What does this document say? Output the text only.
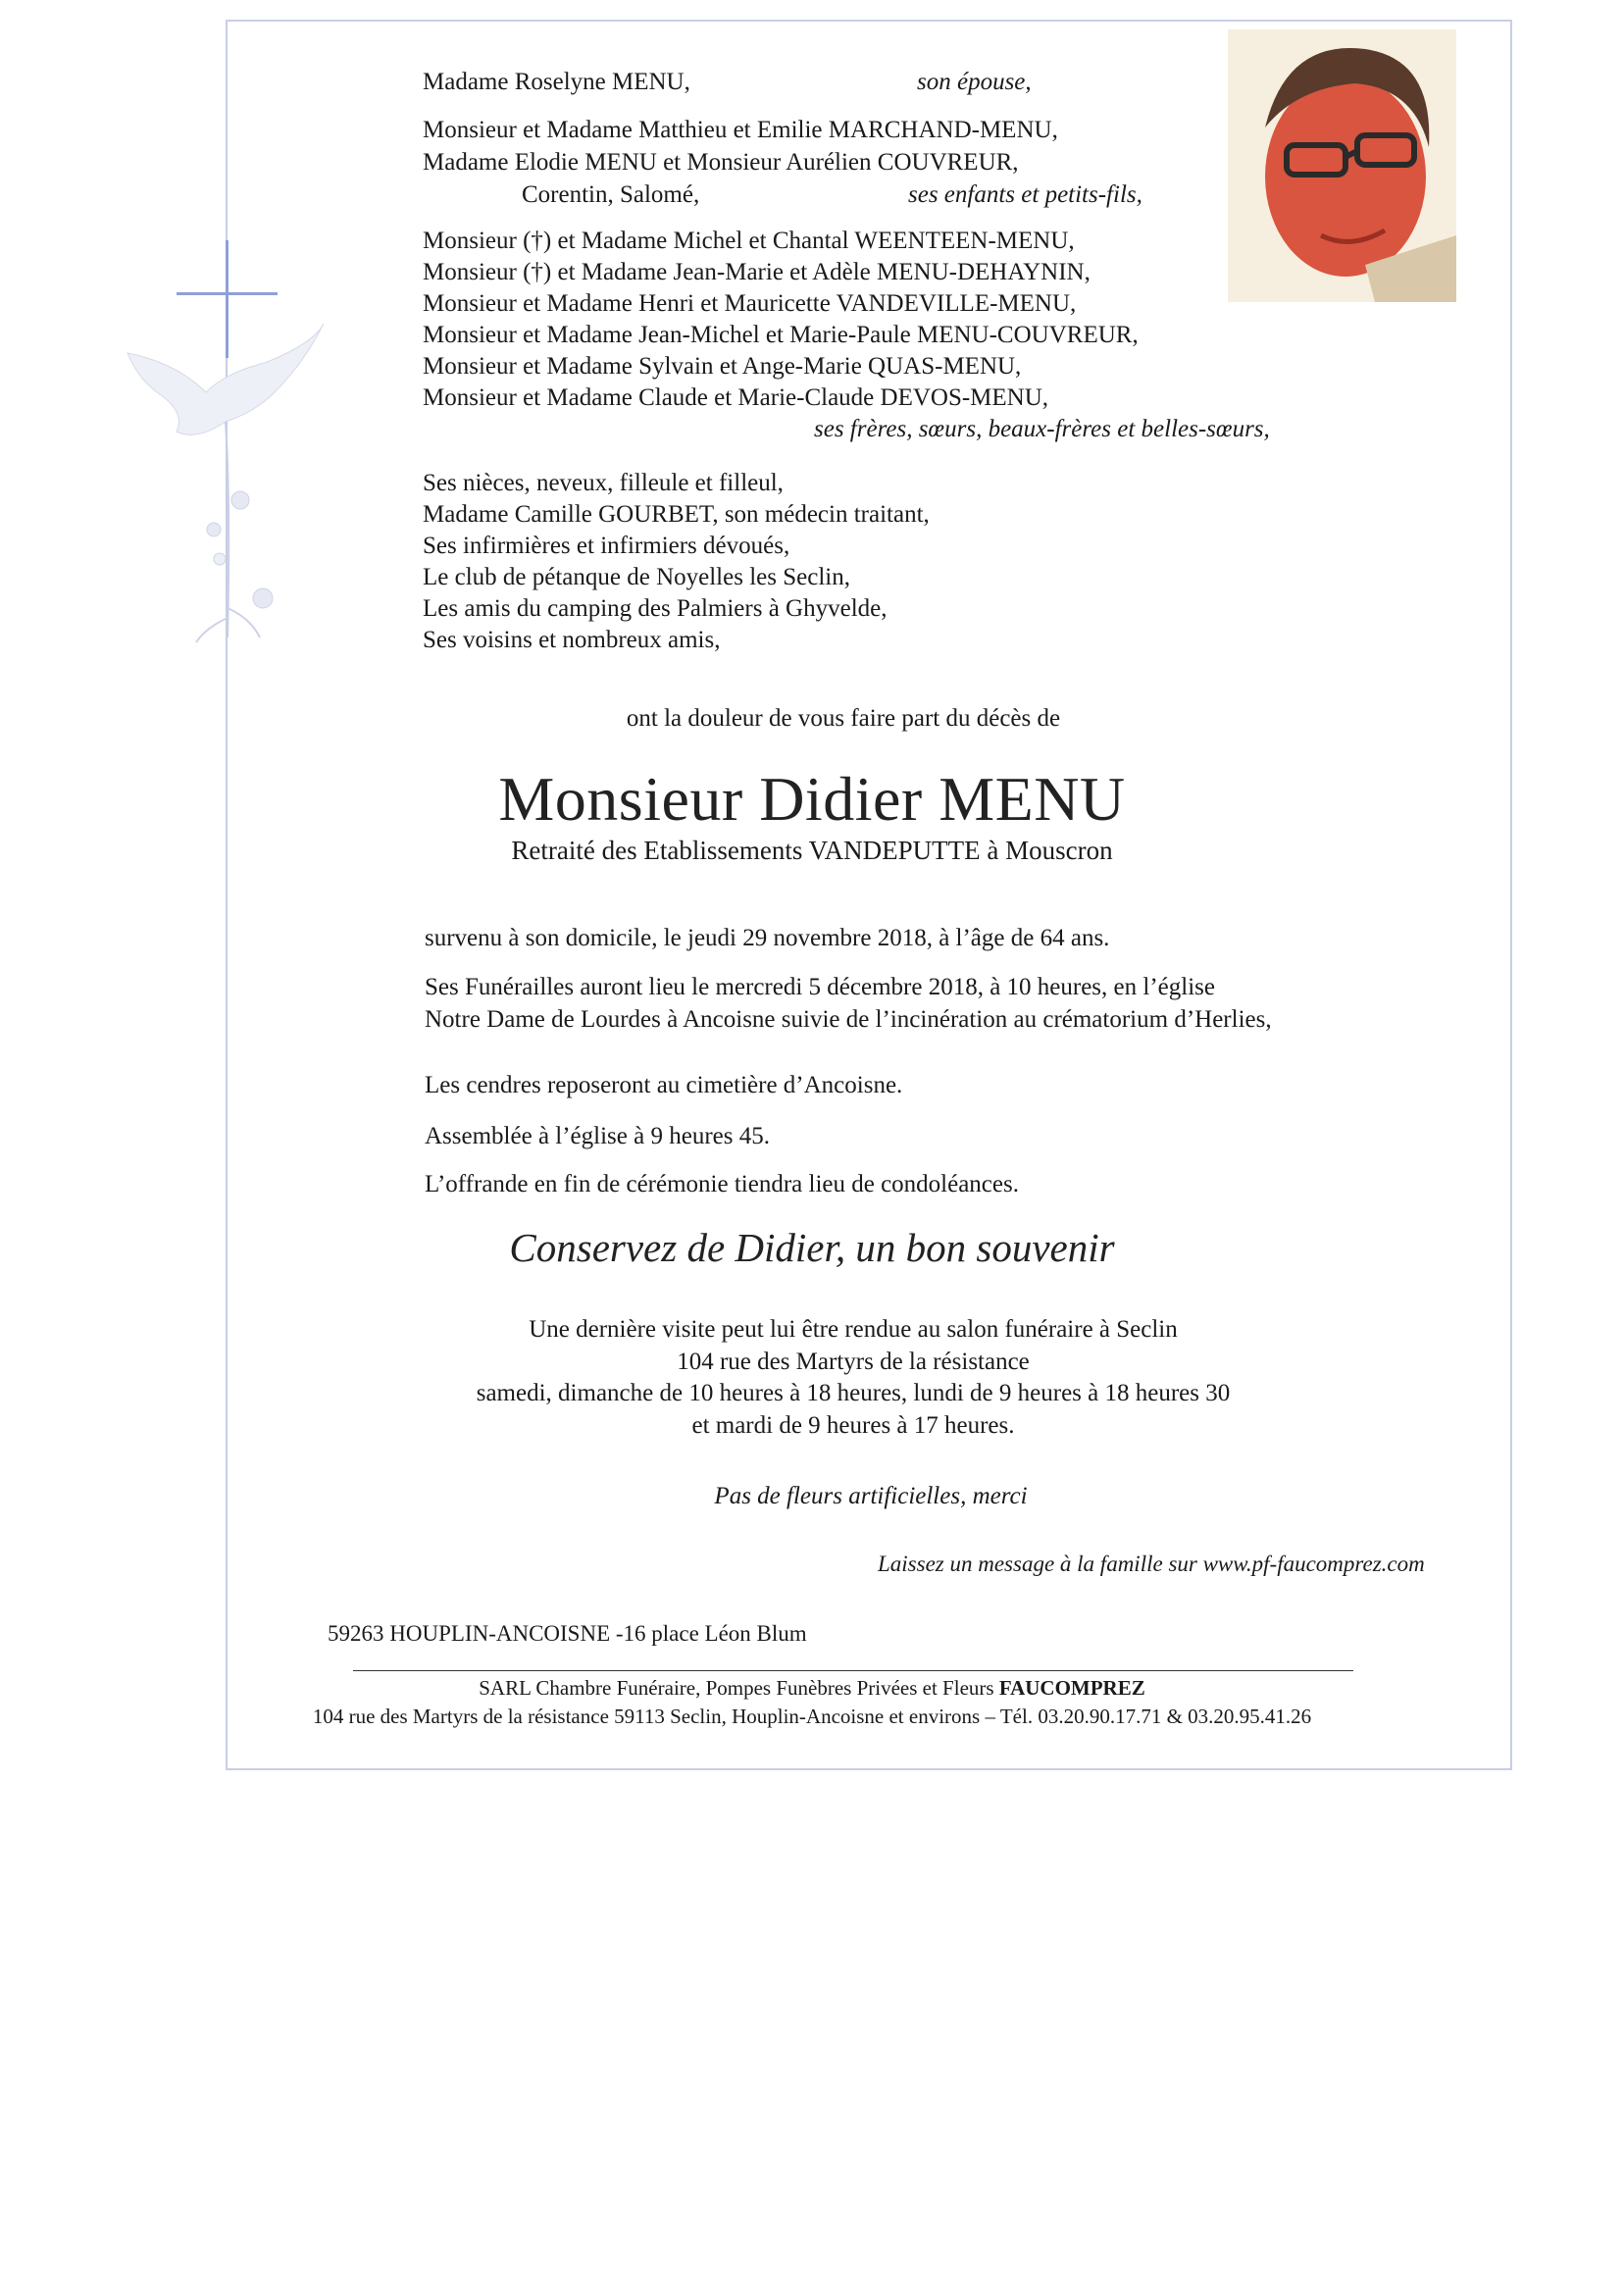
Madame Roselyne MENU,	son épouse,
Monsieur et Madame Matthieu et Emilie MARCHAND-MENU,
Madame Elodie MENU et Monsieur Aurélien COUVREUR,
Corentin, Salomé,	ses enfants et petits-fils,
Monsieur (†) et Madame Michel et Chantal WEENTEEN-MENU,
Monsieur (†) et Madame Jean-Marie et Adèle MENU-DEHAYNIN,
Monsieur et Madame Henri et Mauricette VANDEVILLE-MENU,
Monsieur et Madame Jean-Michel et Marie-Paule MENU-COUVREUR,
Monsieur et Madame Sylvain et Ange-Marie QUAS-MENU,
Monsieur et Madame Claude et Marie-Claude DEVOS-MENU,
ses frères, sœurs, beaux-frères et belles-sœurs,
Ses nièces, neveux, filleule et filleul,
Madame Camille GOURBET, son médecin traitant,
Ses infirmières et infirmiers dévoués,
Le club de pétanque de Noyelles les Seclin,
Les amis du camping des Palmiers à Ghyvelde,
Ses voisins et nombreux amis,
ont la douleur de vous faire part du décès de
Monsieur Didier MENU
Retraité des Etablissements VANDEPUTTE à Mouscron
survenu à son domicile, le jeudi 29 novembre 2018, à l’âge de 64 ans.
Ses Funérailles auront lieu le mercredi 5 décembre 2018, à 10 heures, en l’église
Notre Dame de Lourdes à Ancoisne suivie de l’incinération au crématorium d’Herlies,
Les cendres reposeront au cimetière d’Ancoisne.
Assemblée à l’église à 9 heures 45.
L’offrande en fin de cérémonie tiendra lieu de condoléances.
Conservez de Didier, un bon souvenir
Une dernière visite peut lui être rendue au salon funéraire à Seclin
104 rue des Martyrs de la résistance
samedi, dimanche de 10 heures à 18 heures, lundi de 9 heures à 18 heures 30
et mardi de 9 heures à 17 heures.
Pas de fleurs artificielles, merci
Laissez un message à la famille sur www.pf-faucomprez.com
59263 HOUPLIN-ANCOISNE -16 place Léon Blum
SARL Chambre Funéraire, Pompes Funèbres Privées et Fleurs FAUCOMPREZ
104 rue des Martyrs de la résistance 59113 Seclin, Houplin-Ancoisne et environs – Tél. 03.20.90.17.71 & 03.20.95.41.26
